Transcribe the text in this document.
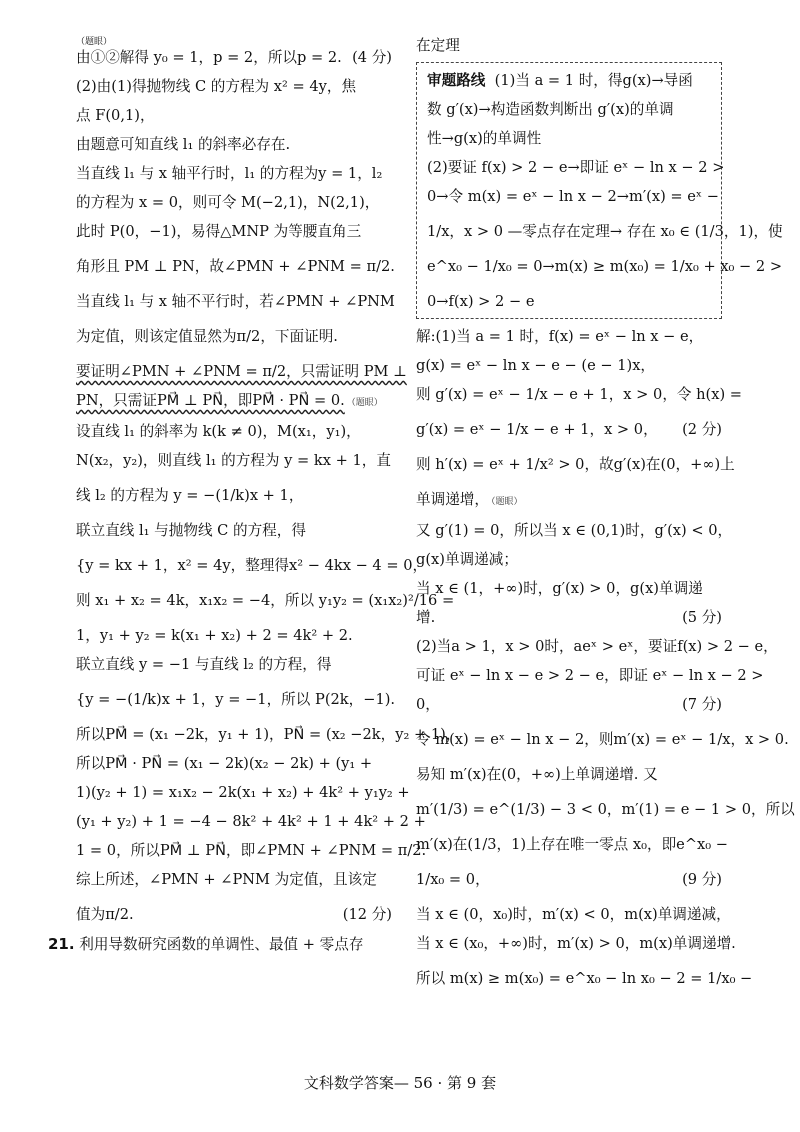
（题眼）

由①②解得 y₀ = 1，p = 2，所以p = 2. (4 分)

(2)由(1)得抛物线 C 的方程为 x² = 4y，焦

点 F(0,1)，

由题意可知直线 l₁ 的斜率必存在.

当直线 l₁ 与 x 轴平行时，l₁ 的方程为y = 1，l₂

的方程为 x = 0，则可令 M(−2,1)，N(2,1)，

此时 P(0，−1)，易得△MNP 为等腰直角三

角形且 PM ⊥ PN，故∠PMN + ∠PNM = π/2.

当直线 l₁ 与 x 轴不平行时，若∠PMN + ∠PNM

为定值，则该定值显然为π/2，下面证明.

要证明∠PMN + ∠PNM = π/2，只需证明 PM ⊥

PN，只需证PM⃗ ⊥ PN⃗，即PM⃗ · PN⃗ = 0. （题眼）

设直线 l₁ 的斜率为 k(k ≠ 0)，M(x₁，y₁)，

N(x₂，y₂)，则直线 l₁ 的方程为 y = kx + 1，直

线 l₂ 的方程为 y = −(1/k)x + 1，

联立直线 l₁ 与抛物线 C 的方程，得

{y = kx + 1，x² = 4y，整理得x² − 4kx − 4 = 0，

则 x₁ + x₂ = 4k，x₁x₂ = −4，所以 y₁y₂ = (x₁x₂)²/16 =

1，y₁ + y₂ = k(x₁ + x₂) + 2 = 4k² + 2.

联立直线 y = −1 与直线 l₂ 的方程，得

{y = −(1/k)x + 1，y = −1，所以 P(2k，−1).

所以PM⃗ = (x₁ −2k，y₁ + 1)，PN⃗ = (x₂ −2k，y₂ + 1)，

所以PM⃗ · PN⃗ = (x₁ − 2k)(x₂ − 2k) + (y₁ +

1)(y₂ + 1) = x₁x₂ − 2k(x₁ + x₂) + 4k² + y₁y₂ +

(y₁ + y₂) + 1 = −4 − 8k² + 4k² + 1 + 4k² + 2 +

1 = 0，所以PM⃗ ⊥ PN⃗，即∠PMN + ∠PNM = π/2.

综上所述，∠PMN + ∠PNM 为定值，且该定

值为π/2.	(12 分)

21. 利用导数研究函数的单调性、最值 + 零点存

在定理

审题路线 (1)当 a = 1 时，得g(x)→导函

数 g′(x)→构造函数判断出 g′(x)的单调

性→g(x)的单调性

(2)要证 f(x) > 2 − e→即证 eˣ − ln x − 2 >

0→令 m(x) = eˣ − ln x − 2→m′(x) = eˣ −

1/x，x > 0 —零点存在定理→ 存在 x₀ ∈ (1/3，1)，使

e^x₀ − 1/x₀ = 0→m(x) ≥ m(x₀) = 1/x₀ + x₀ − 2 >

0→f(x) > 2 − e

解:(1)当 a = 1 时，f(x) = eˣ − ln x − e，

g(x) = eˣ − ln x − e − (e − 1)x，

则 g′(x) = eˣ − 1/x − e + 1，x > 0，令 h(x) =

g′(x) = eˣ − 1/x − e + 1，x > 0， (2 分)

则 h′(x) = eˣ + 1/x² > 0，故g′(x)在(0，+∞)上

单调递增， （题眼）

又 g′(1) = 0，所以当 x ∈ (0,1)时，g′(x) < 0，

g(x)单调递减；

当 x ∈ (1，+∞)时，g′(x) > 0，g(x)单调递

增.	(5 分)

(2)当a > 1，x > 0时，aeˣ > eˣ，要证f(x) > 2 − e，

可证 eˣ − ln x − e > 2 − e，即证 eˣ − ln x − 2 >

0，	(7 分)

令 m(x) = eˣ − ln x − 2，则m′(x) = eˣ − 1/x，x > 0.

易知 m′(x)在(0，+∞)上单调递增. 又

m′(1/3) = e^(1/3) − 3 < 0，m′(1) = e − 1 > 0，所以

m′(x)在(1/3，1)上存在唯一零点 x₀，即e^x₀ −

1/x₀ = 0，	(9 分)

当 x ∈ (0，x₀)时，m′(x) < 0，m(x)单调递减，

当 x ∈ (x₀，+∞)时，m′(x) > 0，m(x)单调递增.

所以 m(x) ≥ m(x₀) = e^x₀ − ln x₀ − 2 = 1/x₀ −

文科数学答案— 56 · 第 9 套
